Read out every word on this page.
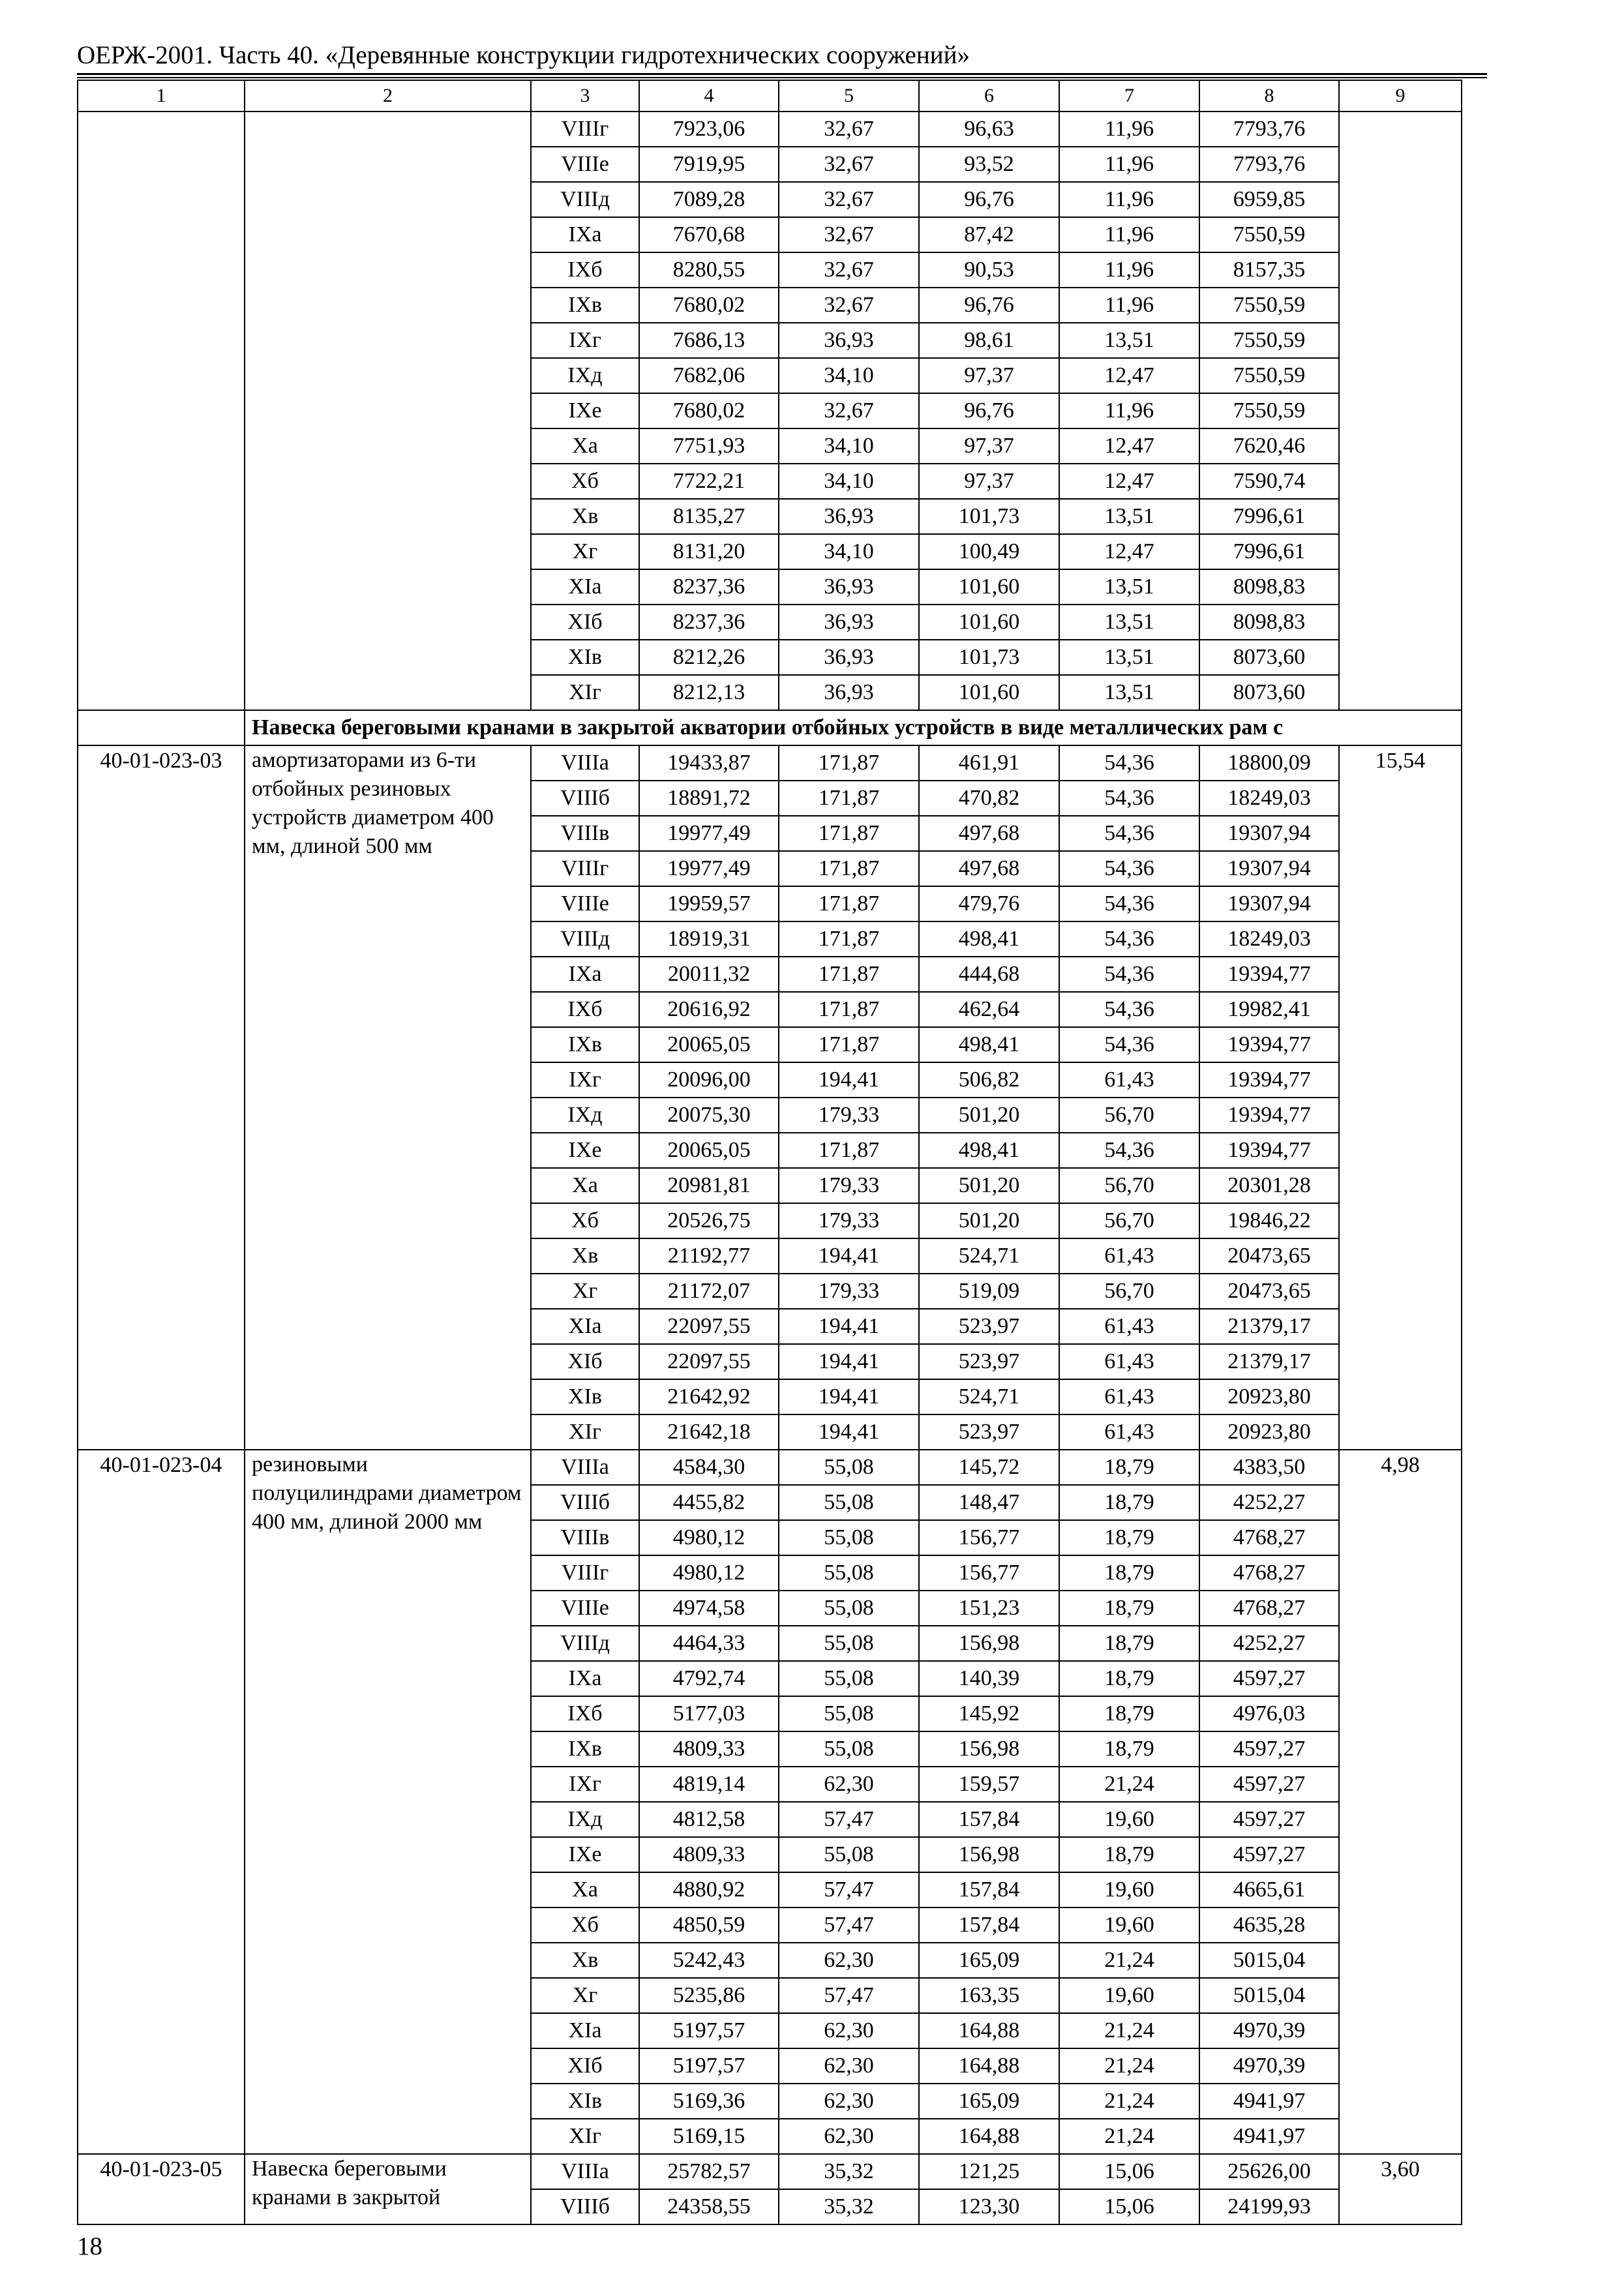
ОЕРЖ-2001. Часть 40. «Деревянные конструкции гидротехнических сооружений»
1	2	3	4	5	6	7	8	9
		VIIIг	7923,06	32,67	96,63	11,96	7793,76	
		VIIIe	7919,95	32,67	93,52	11,96	7793,76	
		VIIIд	7089,28	32,67	96,76	11,96	6959,85	
		IXa	7670,68	32,67	87,42	11,96	7550,59	
		IXб	8280,55	32,67	90,53	11,96	8157,35	
		IXв	7680,02	32,67	96,76	11,96	7550,59	
		IXг	7686,13	36,93	98,61	13,51	7550,59	
		IXд	7682,06	34,10	97,37	12,47	7550,59	
		IXe	7680,02	32,67	96,76	11,96	7550,59	
		Xa	7751,93	34,10	97,37	12,47	7620,46	
		Xб	7722,21	34,10	97,37	12,47	7590,74	
		Xв	8135,27	36,93	101,73	13,51	7996,61	
		Xг	8131,20	34,10	100,49	12,47	7996,61	
		XIa	8237,36	36,93	101,60	13,51	8098,83	
		XIб	8237,36	36,93	101,60	13,51	8098,83	
		XIв	8212,26	36,93	101,73	13,51	8073,60	
		XIг	8212,13	36,93	101,60	13,51	8073,60	
	Навеска береговыми кранами в закрытой акватории отбойных устройств в виде металлических рам с							
40-01-023-03	амортизаторами из 6-ти отбойных резиновых устройств диаметром 400 мм, длиной 500 мм	VIIIa	19433,87	171,87	461,91	54,36	18800,09	15,54
		VIIIб	18891,72	171,87	470,82	54,36	18249,03	
		VIIIв	19977,49	171,87	497,68	54,36	19307,94	
		VIIIг	19977,49	171,87	497,68	54,36	19307,94	
		VIIIe	19959,57	171,87	479,76	54,36	19307,94	
		VIIIд	18919,31	171,87	498,41	54,36	18249,03	
		IXa	20011,32	171,87	444,68	54,36	19394,77	
		IXб	20616,92	171,87	462,64	54,36	19982,41	
		IXв	20065,05	171,87	498,41	54,36	19394,77	
		IXг	20096,00	194,41	506,82	61,43	19394,77	
		IXд	20075,30	179,33	501,20	56,70	19394,77	
		IXe	20065,05	171,87	498,41	54,36	19394,77	
		Xa	20981,81	179,33	501,20	56,70	20301,28	
		Xб	20526,75	179,33	501,20	56,70	19846,22	
		Xв	21192,77	194,41	524,71	61,43	20473,65	
		Xг	21172,07	179,33	519,09	56,70	20473,65	
		XIa	22097,55	194,41	523,97	61,43	21379,17	
		XIб	22097,55	194,41	523,97	61,43	21379,17	
		XIв	21642,92	194,41	524,71	61,43	20923,80	
		XIг	21642,18	194,41	523,97	61,43	20923,80	
40-01-023-04	резиновыми полуцилиндрами диаметром 400 мм, длиной 2000 мм	VIIIa	4584,30	55,08	145,72	18,79	4383,50	4,98
		VIIIб	4455,82	55,08	148,47	18,79	4252,27	
		VIIIв	4980,12	55,08	156,77	18,79	4768,27	
		VIIIг	4980,12	55,08	156,77	18,79	4768,27	
		VIIIe	4974,58	55,08	151,23	18,79	4768,27	
		VIIIд	4464,33	55,08	156,98	18,79	4252,27	
		IXa	4792,74	55,08	140,39	18,79	4597,27	
		IXб	5177,03	55,08	145,92	18,79	4976,03	
		IXв	4809,33	55,08	156,98	18,79	4597,27	
		IXг	4819,14	62,30	159,57	21,24	4597,27	
		IXд	4812,58	57,47	157,84	19,60	4597,27	
		IXe	4809,33	55,08	156,98	18,79	4597,27	
		Xa	4880,92	57,47	157,84	19,60	4665,61	
		Xб	4850,59	57,47	157,84	19,60	4635,28	
		Xв	5242,43	62,30	165,09	21,24	5015,04	
		Xг	5235,86	57,47	163,35	19,60	5015,04	
		XIa	5197,57	62,30	164,88	21,24	4970,39	
		XIб	5197,57	62,30	164,88	21,24	4970,39	
		XIв	5169,36	62,30	165,09	21,24	4941,97	
		XIг	5169,15	62,30	164,88	21,24	4941,97	
40-01-023-05	Навеска береговыми кранами в закрытой	VIIIa	25782,57	35,32	121,25	15,06	25626,00	3,60
		VIIIб	24358,55	35,32	123,30	15,06	24199,93	
18
